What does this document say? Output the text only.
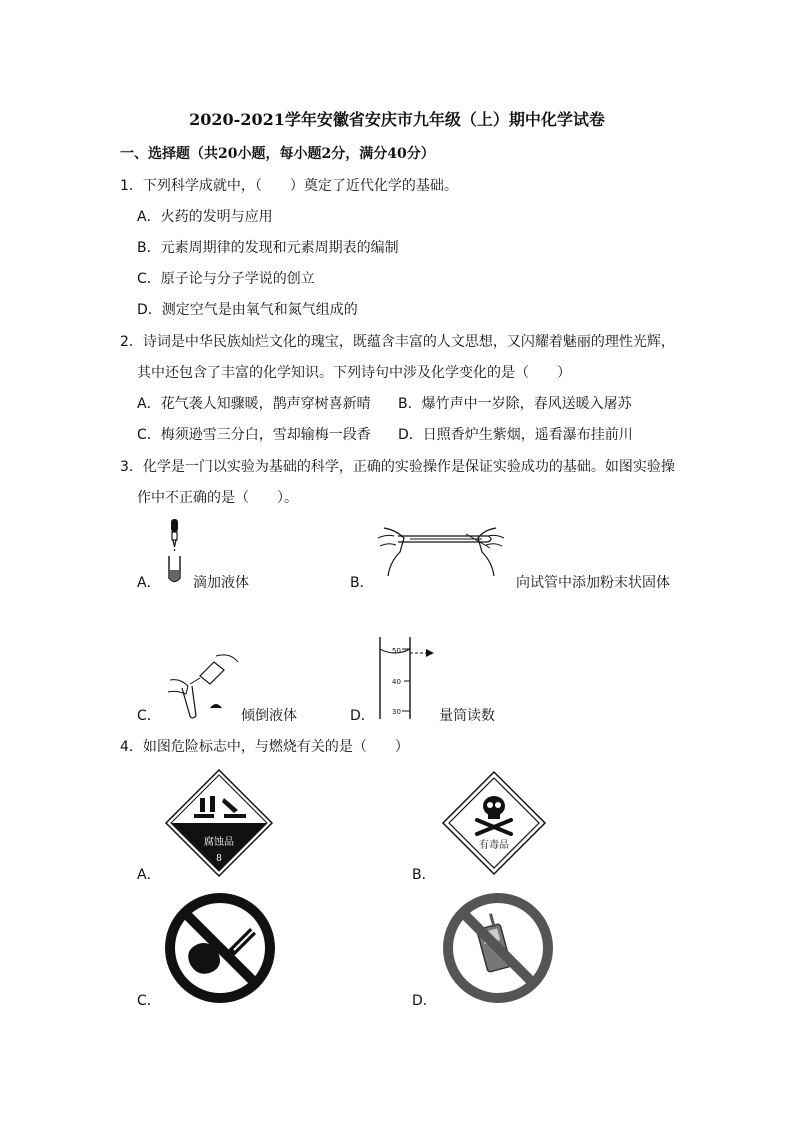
2020-2021学年安徽省安庆市九年级（上）期中化学试卷
一、选择题（共20小题，每小题2分，满分40分）
1．下列科学成就中，（　　）奠定了近代化学的基础。
A．火药的发明与应用
B．元素周期律的发现和元素周期表的编制
C．原子论与分子学说的创立
D．测定空气是由氧气和氮气组成的
2．诗词是中华民族灿烂文化的瑰宝，既蕴含丰富的人文思想，又闪耀着魅丽的理性光辉，
其中还包含了丰富的化学知识。下列诗句中涉及化学变化的是（　　）
A．花气袭人知骤暖，鹊声穿树喜新晴 B．爆竹声中一岁除，春风送暖入屠苏
C．梅须逊雪三分白，雪却输梅一段香 D．日照香炉生紫烟，遥看瀑布挂前川
3．化学是一门以实验为基础的科学，正确的实验操作是保证实验成功的基础。如图实验操
作中不正确的是（　　）。
A． 滴加液体	B．	向试管中添加粉末状固体
C．	倾倒液体	D．
50
40
30	量筒读数
4．如图危险标志中，与燃烧有关的是（　　）
A．
腐蚀品
8
B．
有毒品
C．	D．
